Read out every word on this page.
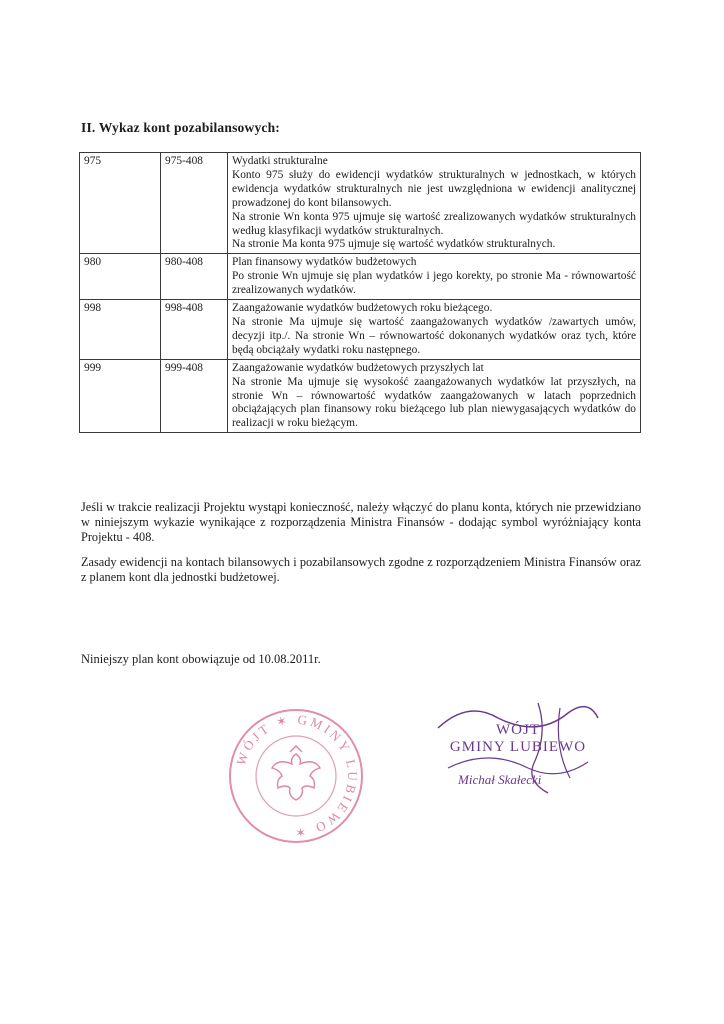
II. Wykaz kont pozabilansowych:
975	975-408	Wydatki strukturalne
Konto 975 służy do ewidencji wydatków strukturalnych w jednostkach, w których ewidencja wydatków strukturalnych nie jest uwzględniona w ewidencji analitycznej prowadzonej do kont bilansowych.
Na stronie Wn konta 975 ujmuje się wartość zrealizowanych wydatków strukturalnych według klasyfikacji wydatków strukturalnych.
Na stronie Ma konta 975 ujmuje się wartość wydatków strukturalnych.

980	980-408	Plan finansowy wydatków budżetowych
Po stronie Wn ujmuje się plan wydatków i jego korekty, po stronie Ma - równowartość zrealizowanych wydatków.

998	998-408	Zaangażowanie wydatków budżetowych roku bieżącego.
Na stronie Ma ujmuje się wartość zaangażowanych wydatków /zawartych umów, decyzji itp./. Na stronie Wn – równowartość dokonanych wydatków oraz tych, które będą obciążały wydatki roku następnego.

999	999-408	Zaangażowanie wydatków budżetowych przyszłych lat
Na stronie Ma ujmuje się wysokość zaangażowanych wydatków lat przyszłych, na stronie Wn – równowartość wydatków zaangażowanych w latach poprzednich obciążających plan finansowy roku bieżącego lub plan niewygasających wydatków do realizacji w roku bieżącym.
Jeśli w trakcie realizacji Projektu wystąpi konieczność, należy włączyć do planu konta, których nie przewidziano w niniejszym wykazie wynikające z rozporządzenia Ministra Finansów - dodając symbol wyróżniający konta Projektu - 408.
Zasady ewidencji na kontach bilansowych i pozabilansowych zgodne z rozporządzeniem Ministra Finansów oraz z planem kont dla jednostki budżetowej.
Niniejszy plan kont obowiązuje od 10.08.2011r.
WÓJT ✶ GMINY LUBIEWO ✶
WÓJT
GMINY LUBIEWO
Michał Skałecki
